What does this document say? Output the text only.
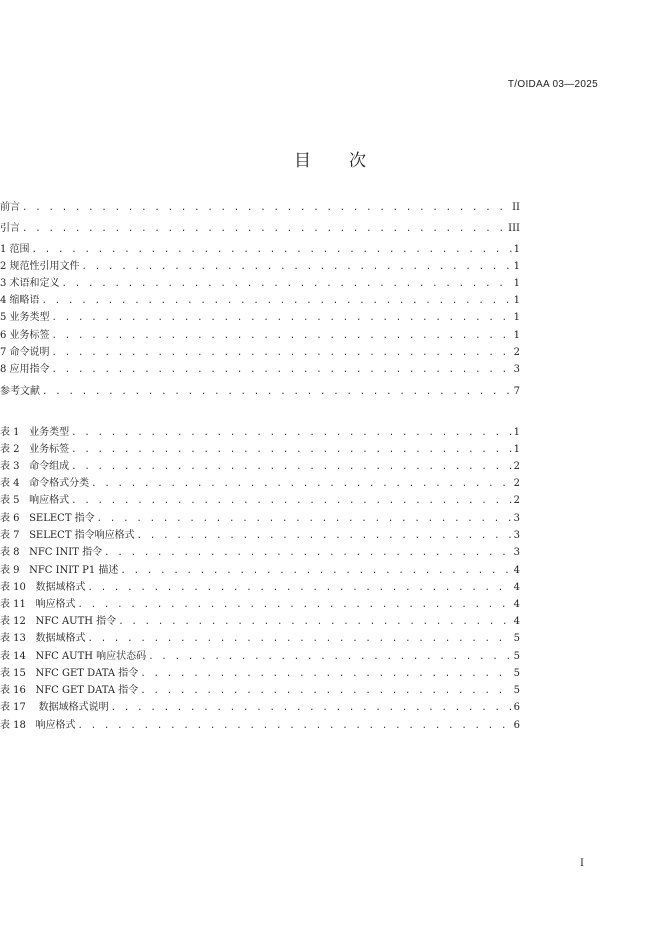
T/OIDAA 03—2025
目 次
前言 . . .	II
引言 . . .	III
1 范围 . . .	1
2 规范性引用文件 . . .	1
3 术语和定义 . . .	1
4 缩略语 . . .	1
5 业务类型 . . .	1
6 业务标签 . . .	1
7 命令说明 . . .	2
8 应用指令 . . .	3
参考文献 . . .	7
表 1   业务类型 . . .	1
表 2   业务标签 . . .	1
表 3   命令组成 . . .	2
表 4   命令格式分类 . . .	2
表 5   响应格式 . . .	2
表 6   SELECT 指令 . . .	3
表 7   SELECT 指令响应格式 . . .	3
表 8   NFC INIT 指令 . . .	3
表 9   NFC INIT P1 描述 . . .	4
表 10   数据域格式 . . .	4
表 11   响应格式 . . .	4
表 12   NFC AUTH 指令 . . .	4
表 13   数据域格式 . . .	5
表 14   NFC AUTH 响应状态码 . . .	5
表 15   NFC GET DATA 指令 . . .	5
表 16   NFC GET DATA 指令 . . .	5
表 17    数据域格式说明 . . .	6
表 18   响应格式 . . .	6
I
